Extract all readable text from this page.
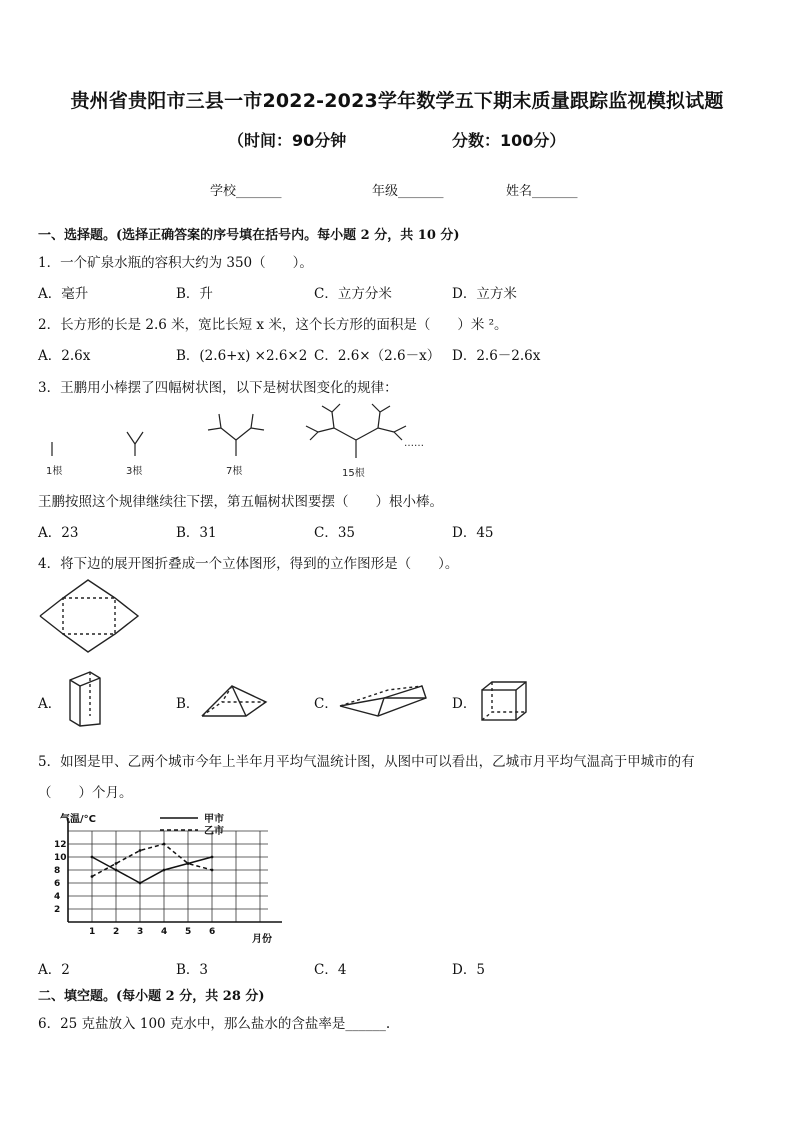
贵州省贵阳市三县一市2022-2023学年数学五下期末质量跟踪监视模拟试题
（时间：90分钟	分数：100分）
学校_______	年级_______	姓名_______
一、选择题。(选择正确答案的序号填在括号内。每小题 2 分，共 10 分)
1．一个矿泉水瓶的容积大约为 350（　　）。
A．毫升	B．升	C．立方分米	D．立方米
2．长方形的长是 2.6 米，宽比长短 x 米，这个长方形的面积是（　　）米 ²。
A．2.6x	B．(2.6+x) ×2.6×2 C．2.6×（2.6－x） D．2.6－2.6x
3．王鹏用小棒摆了四幅树状图，以下是树状图变化的规律：
1根	3根	7根	15根
……
王鹏按照这个规律继续往下摆，第五幅树状图要摆（　　）根小棒。
A．23	B．31	C．35	D．45
4．将下边的展开图折叠成一个立体图形，得到的立作图形是（　　）。
A．	B．	C．	D．
5．如图是甲、乙两个城市今年上半年月平均气温统计图，从图中可以看出，乙城市月平均气温高于甲城市的有
（　　）个月。
2
4
6
8
10
12
1 2 3 4 5 6
气温/°C
月份
甲市
乙市
A．2	B．3	C．4	D．5
二、填空题。(每小题 2 分，共 28 分)
6．25 克盐放入 100 克水中，那么盐水的含盐率是______.
